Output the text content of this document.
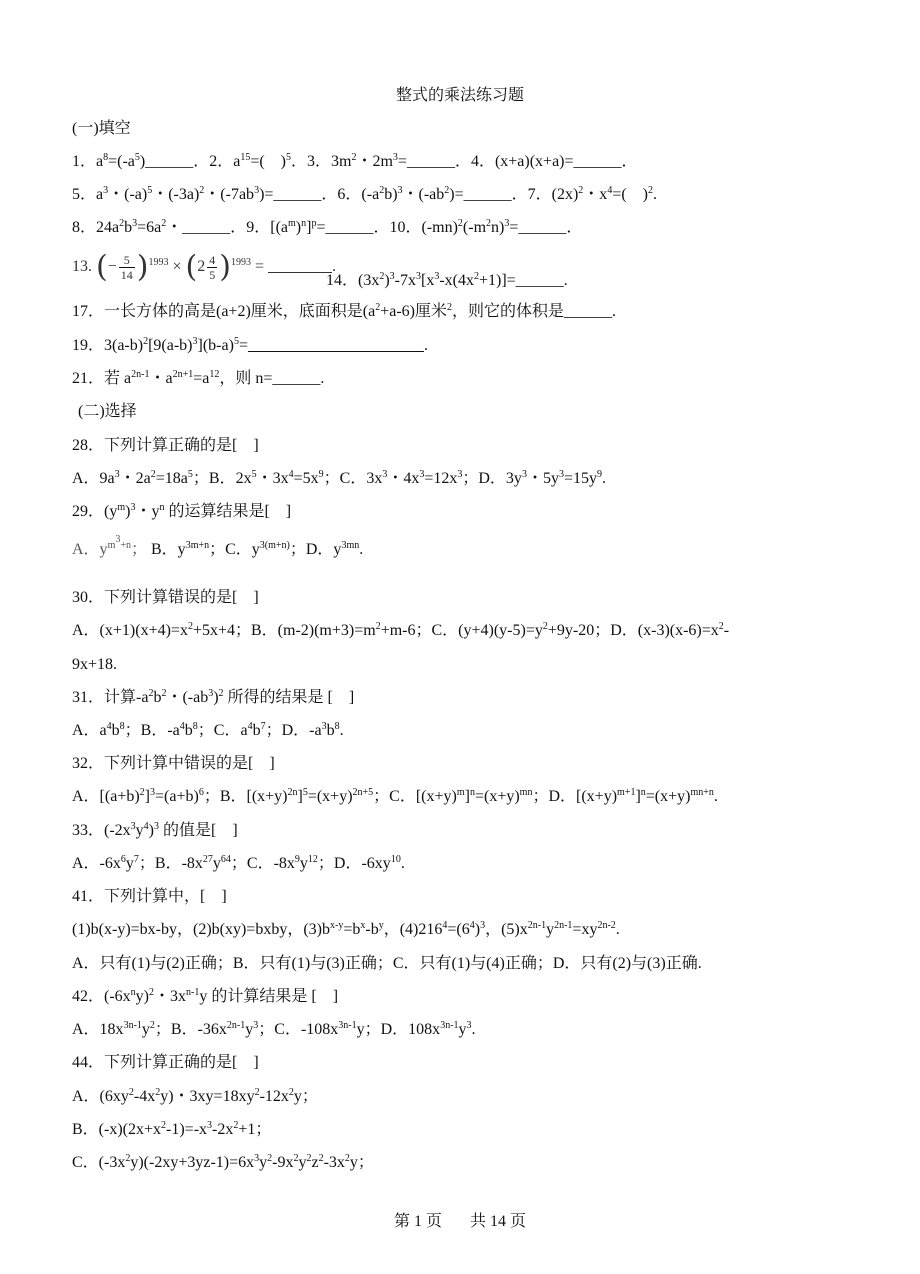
整式的乘法练习题
(一)填空
1．$a^8=(-a^5)\_\_\_\_\_\_$．2．$a^{15}=$(　)$^5$．3．$3m^2$・$2m^3=\_\_\_\_\_\_$．4．(x+a)(x+a)=______．
5．$a^3$・$(-a)^5$・$(-3a)^2$・$(-7ab^3)=\_\_\_\_\_\_$．6．$(-a^2b)^3$・$(-ab^2)=\_\_\_\_\_\_$．7．$(2x)^2$・$x^4=$(　)$^2$.
8．$24a^2b^3=6a^2$・______．9．$[(a^m)^n]^p=\_\_\_\_\_\_$．10．$(-mn)^2(-m^2n)^3=\_\_\_\_\_\_$．
13. (− $\frac{5}{14} )^{1993} \times (2 \frac{4}{5} )^{1993}$ = 　　　　	.
14．$(3x^2)^3-7x^3[x^3-x(4x^2+1)]=\_\_\_\_\_\_$.
17．一长方体的高是(a+2)厘米，底面积是$(a^2+a-6)$厘米$^2$，则它的体积是______.
19．$3(a-b)^2[9(a-b)^3](b-a)^5=$　　　　　　　　　　　	.
21．若 $a^{2n-1}$・$a^{2n+1}=a^{12}$，则 n=______.
(二)选择
28．下列计算正确的是[　]
A．$9a^3$・$2a^2=18a^5$；B．$2x^5$・$3x^4=5x^9$；C．$3x^3$・$4x^3=12x^3$；D．$3y^3$・$5y^3=15y^9$.
29．$(y^m)^3$・$y^n$ 的运算结果是[　]
A．$y^{m^3+n}$； B．$y^{3m+n}$；C．$y^{3(m+n)}$；D．$y^{3mn}$.
30．下列计算错误的是[　]
A．$(x+1)(x+4)=x^2+5x+4$；B．$(m-2)(m+3)=m^2+m-6$；C．$(y+4)(y-5)=y^2+9y-20$；D．$(x-3)(x-6)=x^2-$
9x+18.
31．计算$-a^2b^2$・$(-ab^3)^2$ 所得的结果是 [　]
A．$a^4b^8$；B．$-a^4b^8$；C．$a^4b^7$；D．$-a^3b^8$.
32．下列计算中错误的是[　]
A．$[(a+b)^2]^3=(a+b)^6$；B．$[(x+y)^{2n}]^5=(x+y)^{2n+5}$；C．$[(x+y)^m]^n=(x+y)^{mn}$；D．$[(x+y)^{m+1}]^n=(x+y)^{mn+n}$.
33．$(-2x^3y^4)^3$ 的值是[　]
A．$-6x^6y^7$；B．$-8x^{27}y^{64}$；C．$-8x^9y^{12}$；D．$-6xy^{10}$.
41．下列计算中，[　]
(1)b(x-y)=bx-by，(2)b(xy)=bxby，$(3)b^{x-y}=b^x-b^y$，$(4)216^4=(6^4)^3$，$(5)x^{2n-1}y^{2n-1}=xy^{2n-2}$.
A．只有(1)与(2)正确；B．只有(1)与(3)正确；C．只有(1)与(4)正确；D．只有(2)与(3)正确.
42．$(-6x^ny)^2$・$3x^{n-1}y$ 的计算结果是 [　]
A．$18x^{3n-1}y^2$；B．$-36x^{2n-1}y^3$；C．$-108x^{3n-1}y$；D．$108x^{3n-1}y^3$.
44．下列计算正确的是[　]
A．$(6xy^2-4x^2y)$・$3xy=18xy^2-12x^2y$；
B．$(-x)(2x+x^2-1)=-x^3-2x^2+1$；
C．$(-3x^2y)(-2xy+3yz-1)=6x^3y^2-9x^2y^2z^2-3x^2y$；
第 1 页 共 14 页
